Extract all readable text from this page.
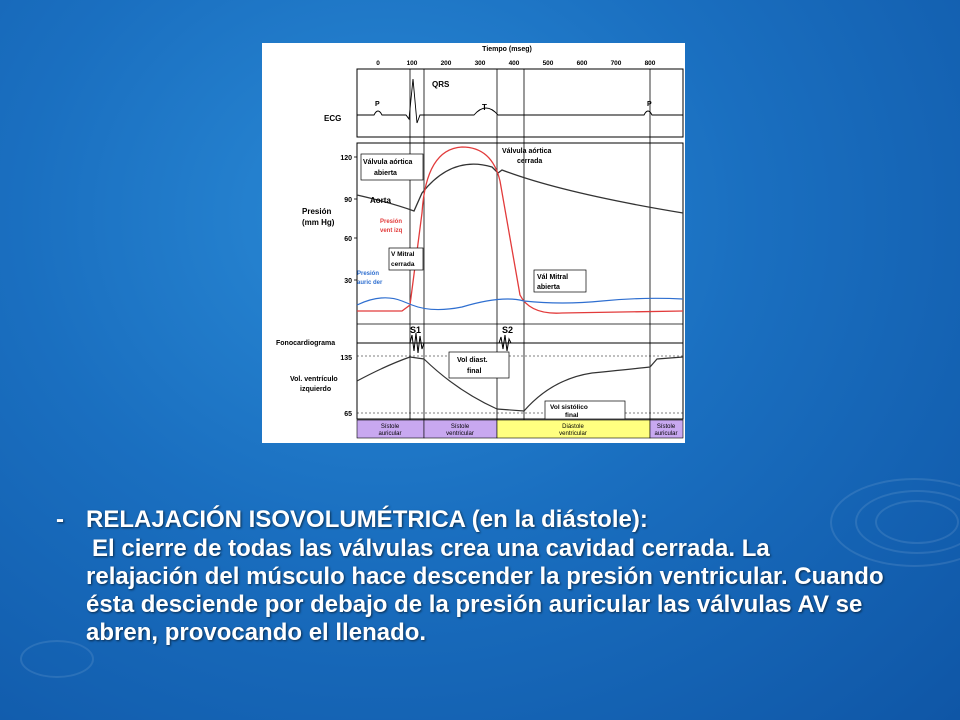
Tiempo (mseg)
0	100	200	300	400	500	600	700	800
ECG
P
QRS
T	P
Presión
(mm Hg)
120
90
60
30
Válvula aórtica
abierta
Aorta
Presión
vent izq
V Mitral
cerrada
Presión
auric der
Válvula aórtica
cerrada
Vál Mitral
abierta
Fonocardiograma
S1	S2
135
65
Vol. ventrículo
izquierdo
Vol diast.
final
Vol sistólico
final
Sístole
auricular
Sístole
ventricular
Diástole
ventricular
Sístole
auricular
- RELAJACIÓN ISOVOLUMÉTRICA (en la diástole):
El cierre de todas las válvulas crea una cavidad cerrada. La relajación del músculo hace descender la presión ventricular. Cuando ésta desciende por debajo de la presión auricular las válvulas AV se abren, provocando el llenado.
